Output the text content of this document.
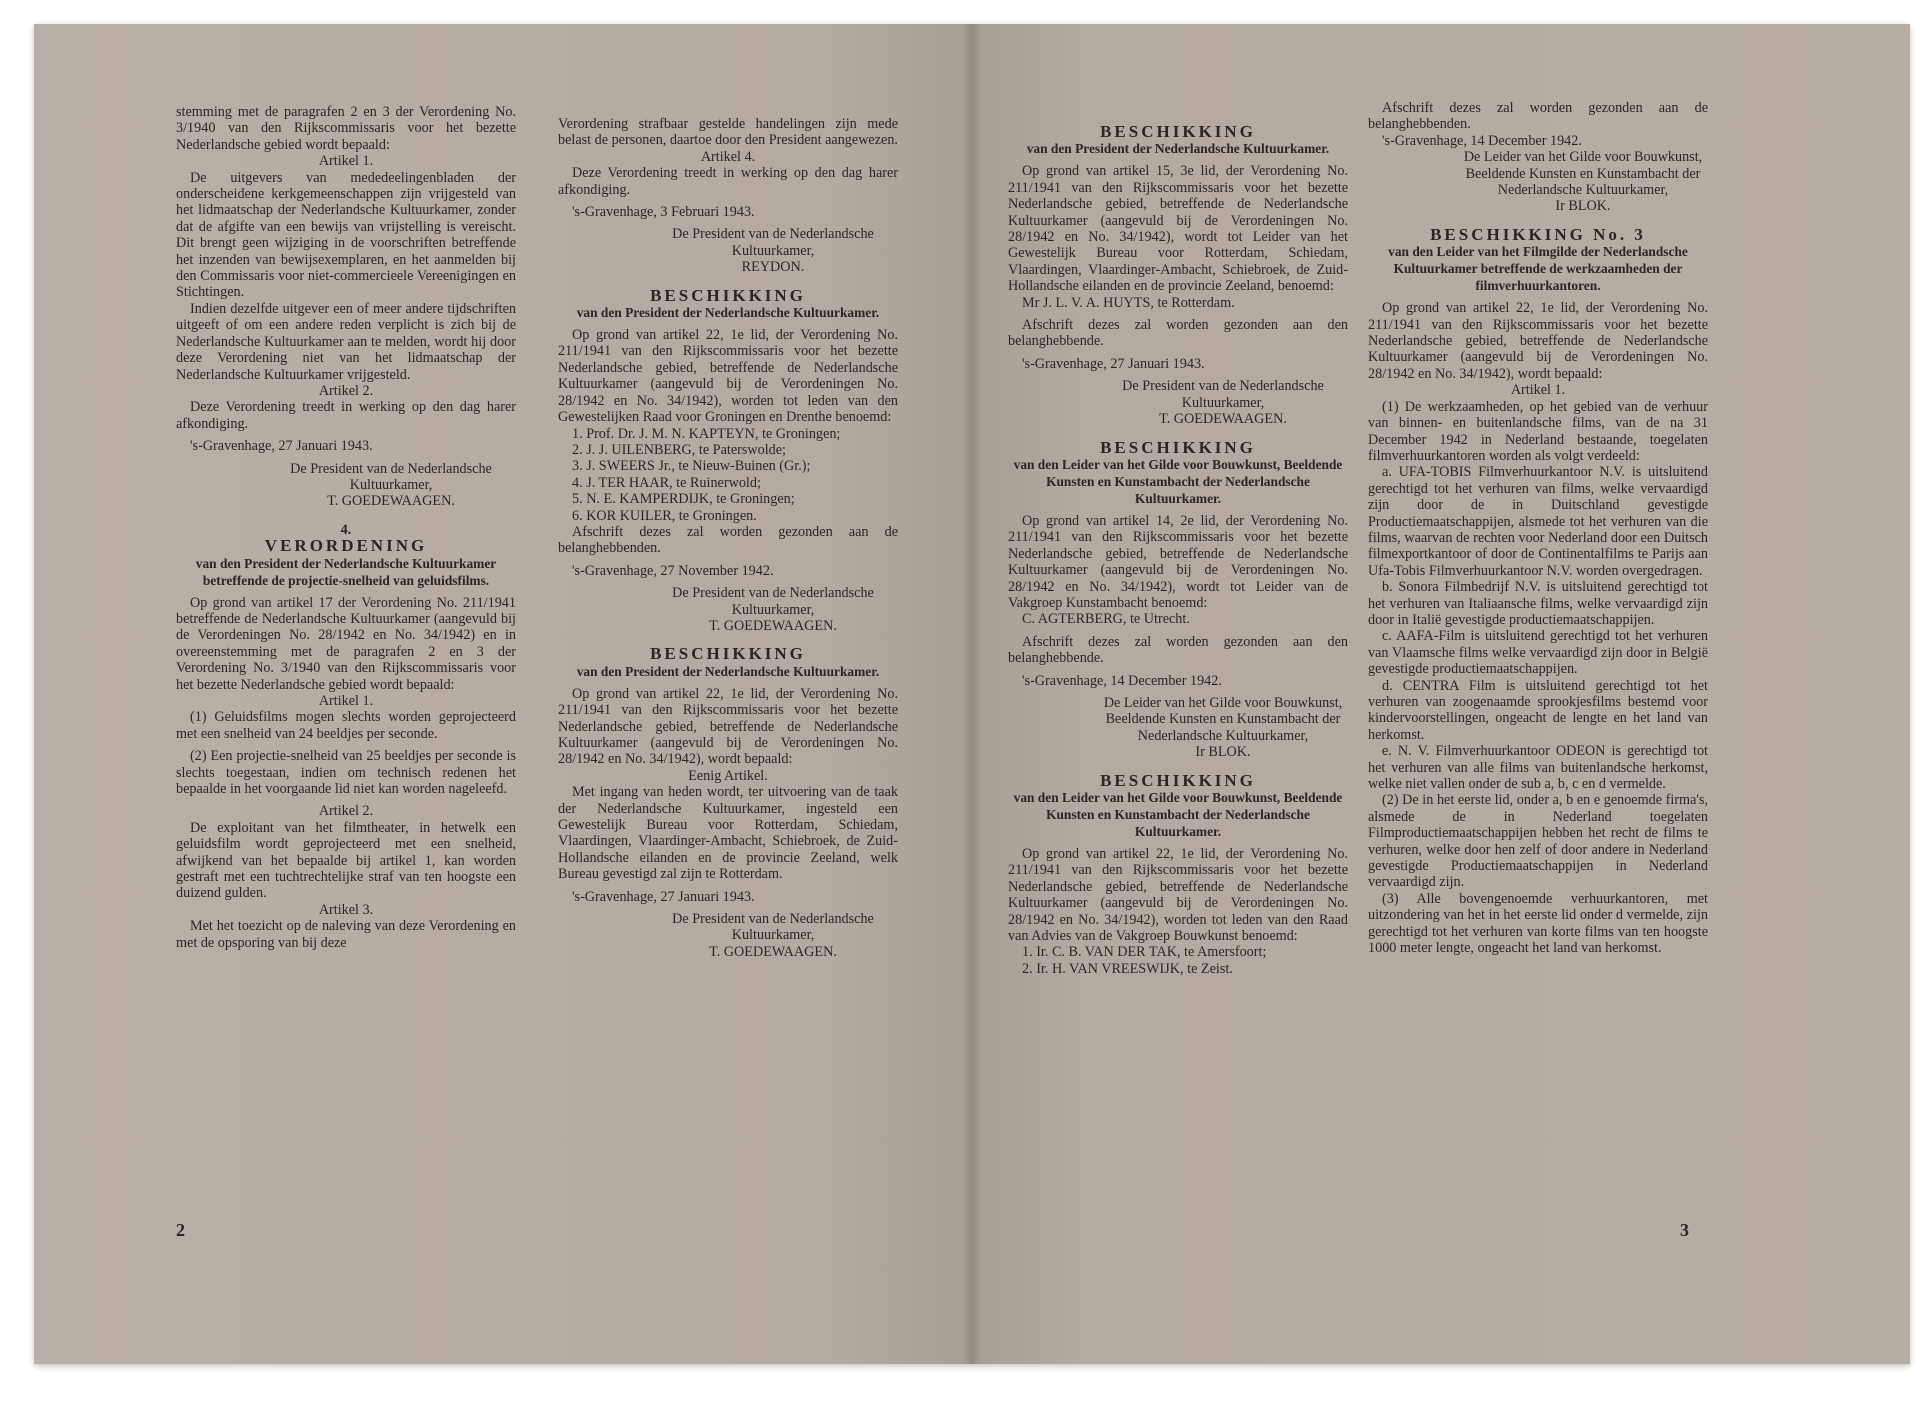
stemming met de paragrafen 2 en 3 der Verordening No. 3/1940 van den Rijkscommissaris voor het bezette Nederlandsche gebied wordt bepaald:

Artikel 1.

De uitgevers van mededeelingenbladen der onderscheidene kerkgemeenschappen zijn vrijgesteld van het lidmaatschap der Nederlandsche Kultuurkamer, zonder dat de afgifte van een bewijs van vrijstelling is vereischt. Dit brengt geen wijziging in de voorschriften betreffende het inzenden van bewijsexemplaren, en het aanmelden bij den Commissaris voor niet-commercieele Vereenigingen en Stichtingen.

Indien dezelfde uitgever een of meer andere tijdschriften uitgeeft of om een andere reden verplicht is zich bij de Nederlandsche Kultuurkamer aan te melden, wordt hij door deze Verordening niet van het lidmaatschap der Nederlandsche Kultuurkamer vrijgesteld.

Artikel 2.

Deze Verordening treedt in werking op den dag harer afkondiging.

's-Gravenhage, 27 Januari 1943.

De President van de Nederlandsche Kultuurkamer,

T. GOEDEWAAGEN.

4.

VERORDENING

van den President der Nederlandsche Kultuurkamer betreffende de projectie-snelheid van geluidsfilms.

Op grond van artikel 17 der Verordening No. 211/1941 betreffende de Nederlandsche Kultuurkamer (aangevuld bij de Verordeningen No. 28/1942 en No. 34/1942) en in overeenstemming met de paragrafen 2 en 3 der Verordening No. 3/1940 van den Rijkscommissaris voor het bezette Nederlandsche gebied wordt bepaald:

Artikel 1.

(1) Geluidsfilms mogen slechts worden geprojecteerd met een snelheid van 24 beeldjes per seconde.

(2) Een projectie-snelheid van 25 beeldjes per seconde is slechts toegestaan, indien om technisch redenen het bepaalde in het voorgaande lid niet kan worden nageleefd.

Artikel 2.

De exploitant van het filmtheater, in hetwelk een geluidsfilm wordt geprojecteerd met een snelheid, afwijkend van het bepaalde bij artikel 1, kan worden gestraft met een tuchtrechtelijke straf van ten hoogste een duizend gulden.

Artikel 3.

Met het toezicht op de naleving van deze Verordening en met de opsporing van bij deze

Verordening strafbaar gestelde handelingen zijn mede belast de personen, daartoe door den President aangewezen.

Artikel 4.

Deze Verordening treedt in werking op den dag harer afkondiging.

's-Gravenhage, 3 Februari 1943.

De President van de Nederlandsche Kultuurkamer,

REYDON.

BESCHIKKING

van den President der Nederlandsche Kultuurkamer.

Op grond van artikel 22, 1e lid, der Verordening No. 211/1941 van den Rijkscommissaris voor het bezette Nederlandsche gebied, betreffende de Nederlandsche Kultuurkamer (aangevuld bij de Verordeningen No. 28/1942 en No. 34/1942), worden tot leden van den Gewestelijken Raad voor Groningen en Drenthe benoemd:

1. Prof. Dr. J. M. N. KAPTEYN, te Groningen;

2. J. J. UILENBERG, te Paterswolde;

3. J. SWEERS Jr., te Nieuw-Buinen (Gr.);

4. J. TER HAAR, te Ruinerwold;

5. N. E. KAMPERDIJK, te Groningen;

6. KOR KUILER, te Groningen.

Afschrift dezes zal worden gezonden aan de belanghebbenden.

's-Gravenhage, 27 November 1942.

De President van de Nederlandsche Kultuurkamer,

T. GOEDEWAAGEN.

BESCHIKKING

van den President der Nederlandsche Kultuurkamer.

Op grond van artikel 22, 1e lid, der Verordening No. 211/1941 van den Rijkscommissaris voor het bezette Nederlandsche gebied, betreffende de Nederlandsche Kultuurkamer (aangevuld bij de Verordeningen No. 28/1942 en No. 34/1942), wordt bepaald:

Eenig Artikel.

Met ingang van heden wordt, ter uitvoering van de taak der Nederlandsche Kultuurkamer, ingesteld een Gewestelijk Bureau voor Rotterdam, Schiedam, Vlaardingen, Vlaardinger-Ambacht, Schiebroek, de Zuid-Hollandsche eilanden en de provincie Zeeland, welk Bureau gevestigd zal zijn te Rotterdam.

's-Gravenhage, 27 Januari 1943.

De President van de Nederlandsche Kultuurkamer,

T. GOEDEWAAGEN.

2

BESCHIKKING

van den President der Nederlandsche Kultuurkamer.

Op grond van artikel 15, 3e lid, der Verordening No. 211/1941 van den Rijkscommissaris voor het bezette Nederlandsche gebied, betreffende de Nederlandsche Kultuurkamer (aangevuld bij de Verordeningen No. 28/1942 en No. 34/1942), wordt tot Leider van het Gewestelijk Bureau voor Rotterdam, Schiedam, Vlaardingen, Vlaardinger-Ambacht, Schiebroek, de Zuid-Hollandsche eilanden en de provincie Zeeland, benoemd:

Mr J. L. V. A. HUYTS, te Rotterdam.

Afschrift dezes zal worden gezonden aan den belanghebbende.

's-Gravenhage, 27 Januari 1943.

De President van de Nederlandsche Kultuurkamer,

T. GOEDEWAAGEN.

BESCHIKKING

van den Leider van het Gilde voor Bouwkunst, Beeldende Kunsten en Kunstambacht der Nederlandsche Kultuurkamer.

Op grond van artikel 14, 2e lid, der Verordening No. 211/1941 van den Rijkscommissaris voor het bezette Nederlandsche gebied, betreffende de Nederlandsche Kultuurkamer (aangevuld bij de Verordeningen No. 28/1942 en No. 34/1942), wordt tot Leider van de Vakgroep Kunstambacht benoemd:

C. AGTERBERG, te Utrecht.

Afschrift dezes zal worden gezonden aan den belanghebbende.

's-Gravenhage, 14 December 1942.

De Leider van het Gilde voor Bouwkunst, Beeldende Kunsten en Kunstambacht der Nederlandsche Kultuurkamer,

Ir BLOK.

BESCHIKKING

van den Leider van het Gilde voor Bouwkunst, Beeldende Kunsten en Kunstambacht der Nederlandsche Kultuurkamer.

Op grond van artikel 22, 1e lid, der Verordening No. 211/1941 van den Rijkscommissaris voor het bezette Nederlandsche gebied, betreffende de Nederlandsche Kultuurkamer (aangevuld bij de Verordeningen No. 28/1942 en No. 34/1942), worden tot leden van den Raad van Advies van de Vakgroep Bouwkunst benoemd:

1. Ir. C. B. VAN DER TAK, te Amersfoort;

2. Ir. H. VAN VREESWIJK, te Zeist.

Afschrift dezes zal worden gezonden aan de belanghebbenden.

's-Gravenhage, 14 December 1942.

De Leider van het Gilde voor Bouwkunst, Beeldende Kunsten en Kunstambacht der Nederlandsche Kultuurkamer,

Ir BLOK.

BESCHIKKING No. 3

van den Leider van het Filmgilde der Nederlandsche Kultuurkamer betreffende de werkzaamheden der filmverhuurkantoren.

Op grond van artikel 22, 1e lid, der Verordening No. 211/1941 van den Rijkscommissaris voor het bezette Nederlandsche gebied, betreffende de Nederlandsche Kultuurkamer (aangevuld bij de Verordeningen No. 28/1942 en No. 34/1942), wordt bepaald:

Artikel 1.

(1) De werkzaamheden, op het gebied van de verhuur van binnen- en buitenlandsche films, van de na 31 December 1942 in Nederland bestaande, toegelaten filmverhuurkantoren worden als volgt verdeeld:

a. UFA-TOBIS Filmverhuurkantoor N.V. is uitsluitend gerechtigd tot het verhuren van films, welke vervaardigd zijn door de in Duitschland gevestigde Productiemaatschappijen, alsmede tot het verhuren van die films, waarvan de rechten voor Nederland door een Duitsch filmexportkantoor of door de Continentalfilms te Parijs aan Ufa-Tobis Filmverhuurkantoor N.V. worden overgedragen.

b. Sonora Filmbedrijf N.V. is uitsluitend gerechtigd tot het verhuren van Italiaansche films, welke vervaardigd zijn door in Italië gevestigde productiemaatschappijen.

c. AAFA-Film is uitsluitend gerechtigd tot het verhuren van Vlaamsche films welke vervaardigd zijn door in België gevestigde productiemaatschappijen.

d. CENTRA Film is uitsluitend gerechtigd tot het verhuren van zoogenaamde sprookjesfilms bestemd voor kindervoorstellingen, ongeacht de lengte en het land van herkomst.

e. N. V. Filmverhuurkantoor ODEON is gerechtigd tot het verhuren van alle films van buitenlandsche herkomst, welke niet vallen onder de sub a, b, c en d vermelde.

(2) De in het eerste lid, onder a, b en e genoemde firma's, alsmede de in Nederland toegelaten Filmproductiemaatschappijen hebben het recht de films te verhuren, welke door hen zelf of door andere in Nederland gevestigde Productiemaatschappijen in Nederland vervaardigd zijn.

(3) Alle bovengenoemde verhuurkantoren, met uitzondering van het in het eerste lid onder d vermelde, zijn gerechtigd tot het verhuren van korte films van ten hoogste 1000 meter lengte, ongeacht het land van herkomst.

3
